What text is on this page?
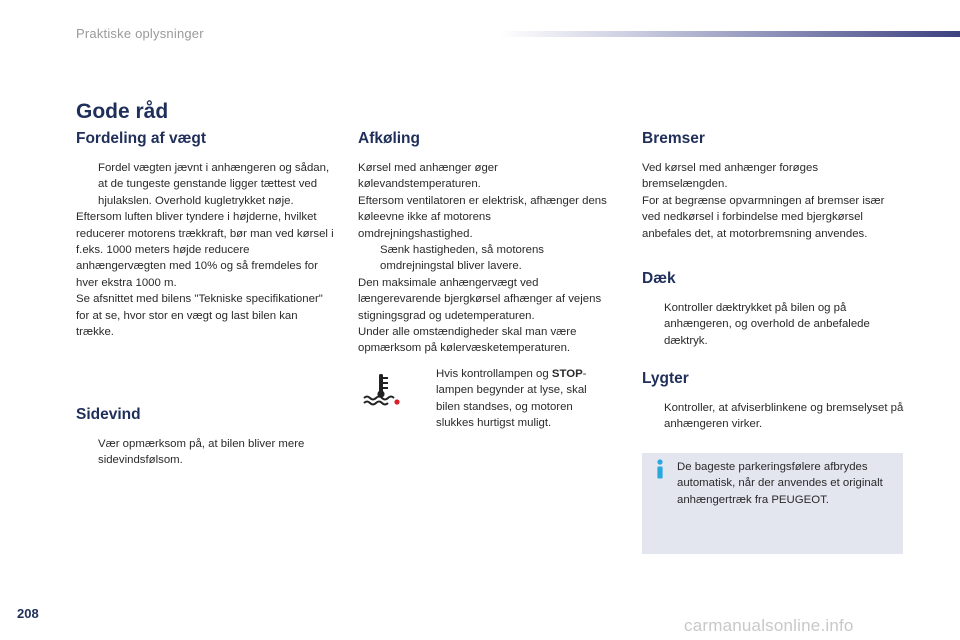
Praktiske oplysninger
Gode råd
Fordeling af vægt

Fordel vægten jævnt i anhængeren og sådan, at de tungeste genstande ligger tættest ved hjulakslen. Overhold kugletrykket nøje.

Eftersom luften bliver tyndere i højderne, hvilket reducerer motorens trækkraft, bør man ved kørsel i f.eks. 1000 meters højde reducere anhængervægten med 10% og så fremdeles for hver ekstra 1000 m.

Se afsnittet med bilens "Tekniske specifikationer" for at se, hvor stor en vægt og last bilen kan trække.

Sidevind

Vær opmærksom på, at bilen bliver mere sidevindsfølsom.

Afkøling

Kørsel med anhænger øger kølevandstemperaturen.

Eftersom ventilatoren er elektrisk, afhænger dens køleevne ikke af motorens omdrejningshastighed.

Sænk hastigheden, så motorens omdrejningstal bliver lavere.

Den maksimale anhængervægt ved længerevarende bjergkørsel afhænger af vejens stigningsgrad og udetemperaturen.

Under alle omstændigheder skal man være opmærksom på kølervæsketemperaturen.

Hvis kontrollampen og STOP-lampen begynder at lyse, skal bilen standses, og motoren slukkes hurtigst muligt.

Bremser

Ved kørsel med anhænger forøges bremselængden.

For at begrænse opvarmningen af bremser især ved nedkørsel i forbindelse med bjergkørsel anbefales det, at motorbremsning anvendes.

Dæk

Kontroller dæktrykket på bilen og på anhængeren, og overhold de anbefalede dæktryk.

Lygter

Kontroller, at afviserblinkene og bremselyset på anhængeren virker.

De bageste parkeringsfølere afbrydes automatisk, når der anvendes et originalt anhængertræk fra PEUGEOT.

208
carmanualsonline.info
